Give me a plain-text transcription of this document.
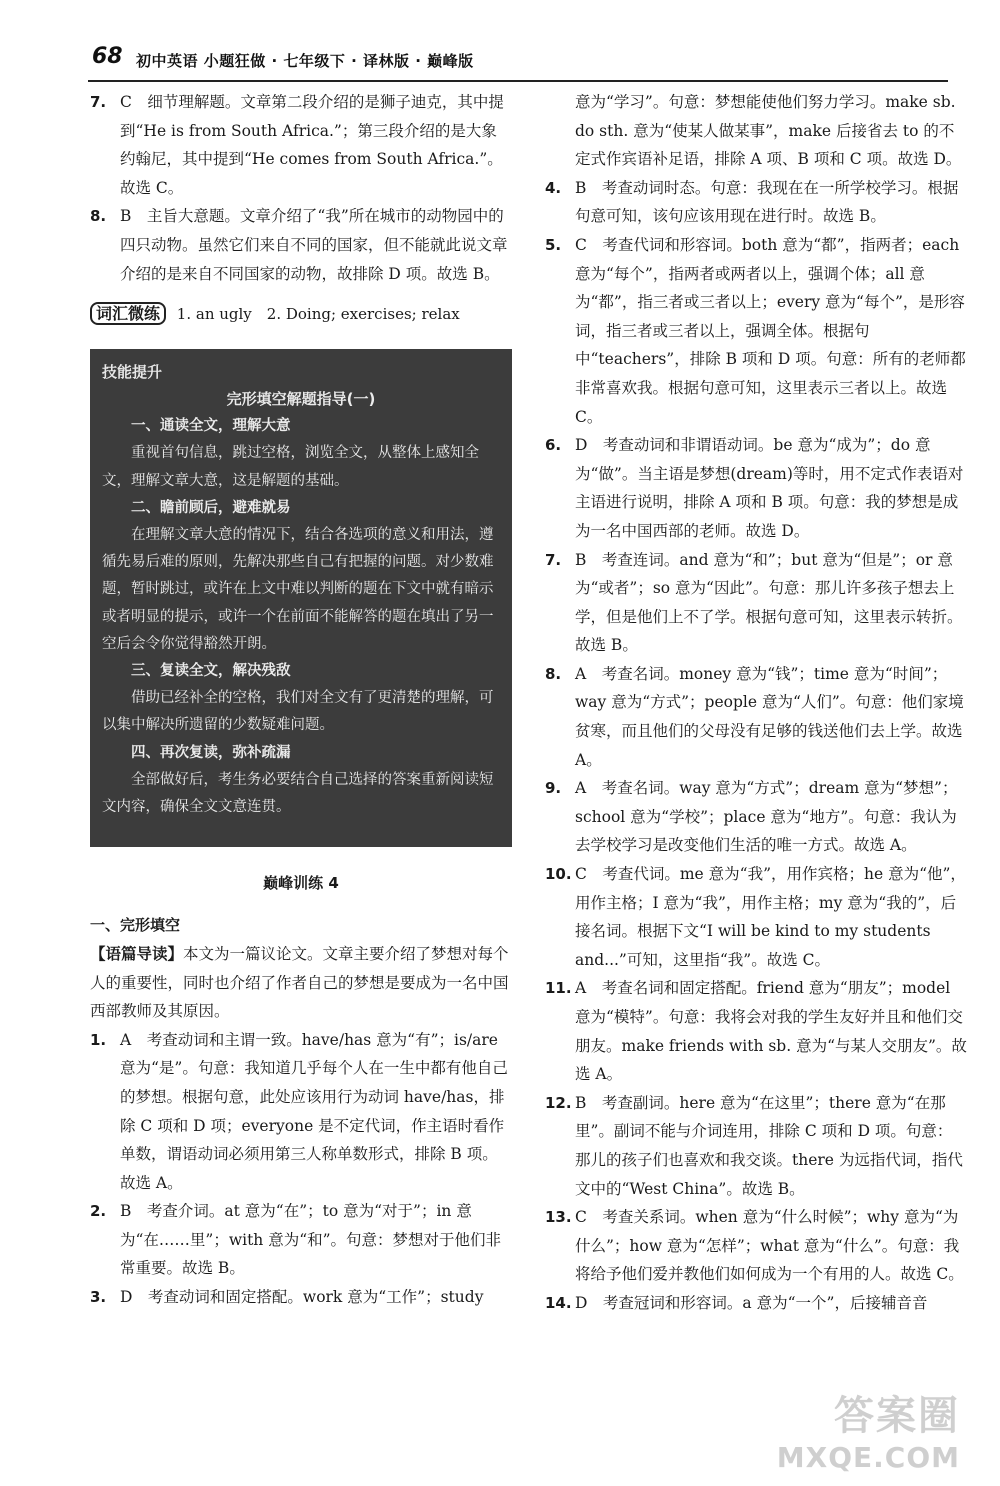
68 初中英语 小题狂做 · 七年级下 · 译林版 · 巅峰版
7. C　细节理解题。文章第二段介绍的是狮子迪克，其中提到“He is from South Africa.”；第三段介绍的是大象约翰尼，其中提到“He comes from South Africa.”。故选 C。
8. B　主旨大意题。文章介绍了“我”所在城市的动物园中的四只动物。虽然它们来自不同的国家，但不能就此说文章介绍的是来自不同国家的动物，故排除 D 项。故选 B。
词汇微练 1. an ugly　2. Doing; exercises; relax
技能提升
完形填空解题指导(一)

一、通读全文，理解大意

重视首句信息，跳过空格，浏览全文，从整体上感知全文，理解文章大意，这是解题的基础。

二、瞻前顾后，避难就易

在理解文章大意的情况下，结合各选项的意义和用法，遵循先易后难的原则，先解决那些自己有把握的问题。对少数难题，暂时跳过，或许在上文中难以判断的题在下文中就有暗示或者明显的提示，或许一个在前面不能解答的题在填出了另一空后会令你觉得豁然开朗。

三、复读全文，解决残敌

借助已经补全的空格，我们对全文有了更清楚的理解，可以集中解决所遗留的少数疑难问题。

四、再次复读，弥补疏漏

全部做好后，考生务必要结合自己选择的答案重新阅读短文内容，确保全文文意连贯。

巅峰训练 4
一、完形填空

【语篇导读】本文为一篇议论文。文章主要介绍了梦想对每个人的重要性，同时也介绍了作者自己的梦想是要成为一名中国西部教师及其原因。

1. A　考查动词和主谓一致。have/has 意为“有”；is/are 意为“是”。句意：我知道几乎每个人在一生中都有他自己的梦想。根据句意，此处应该用行为动词 have/has，排除 C 项和 D 项；everyone 是不定代词，作主语时看作单数，谓语动词必须用第三人称单数形式，排除 B 项。故选 A。
2. B　考查介词。at 意为“在”；to 意为“对于”；in 意为“在……里”；with 意为“和”。句意：梦想对于他们非常重要。故选 B。
3. D　考查动词和固定搭配。work 意为“工作”；study
意为“学习”。句意：梦想能使他们努力学习。make sb. do sth. 意为“使某人做某事”，make 后接省去 to 的不定式作宾语补足语，排除 A 项、B 项和 C 项。故选 D。
4. B　考查动词时态。句意：我现在在一所学校学习。根据句意可知，该句应该用现在进行时。故选 B。
5. C　考查代词和形容词。both 意为“都”，指两者；each 意为“每个”，指两者或两者以上，强调个体；all 意为“都”，指三者或三者以上；every 意为“每个”，是形容词，指三者或三者以上，强调全体。根据句中“teachers”，排除 B 项和 D 项。句意：所有的老师都非常喜欢我。根据句意可知，这里表示三者以上。故选 C。
6. D　考查动词和非谓语动词。be 意为“成为”；do 意为“做”。当主语是梦想(dream)等时，用不定式作表语对主语进行说明，排除 A 项和 B 项。句意：我的梦想是成为一名中国西部的老师。故选 D。
7. B　考查连词。and 意为“和”；but 意为“但是”；or 意为“或者”；so 意为“因此”。句意：那儿许多孩子想去上学，但是他们上不了学。根据句意可知，这里表示转折。故选 B。
8. A　考查名词。money 意为“钱”；time 意为“时间”；way 意为“方式”；people 意为“人们”。句意：他们家境贫寒，而且他们的父母没有足够的钱送他们去上学。故选 A。
9. A　考查名词。way 意为“方式”；dream 意为“梦想”；school 意为“学校”；place 意为“地方”。句意：我认为去学校学习是改变他们生活的唯一方式。故选 A。
10. C　考查代词。me 意为“我”，用作宾格；he 意为“他”，用作主格；I 意为“我”，用作主格；my 意为“我的”，后接名词。根据下文“I will be kind to my students and...”可知，这里指“我”。故选 C。
11. A　考查名词和固定搭配。friend 意为“朋友”；model 意为“模特”。句意：我将会对我的学生友好并且和他们交朋友。make friends with sb. 意为“与某人交朋友”。故选 A。
12. B　考查副词。here 意为“在这里”；there 意为“在那里”。副词不能与介词连用，排除 C 项和 D 项。句意：那儿的孩子们也喜欢和我交谈。there 为远指代词，指代文中的“West China”。故选 B。
13. C　考查关系词。when 意为“什么时候”；why 意为“为什么”；how 意为“怎样”；what 意为“什么”。句意：我将给予他们爱并教他们如何成为一个有用的人。故选 C。
14. D　考查冠词和形容词。a 意为“一个”，后接辅音音
答案圈
MXQE.COM
